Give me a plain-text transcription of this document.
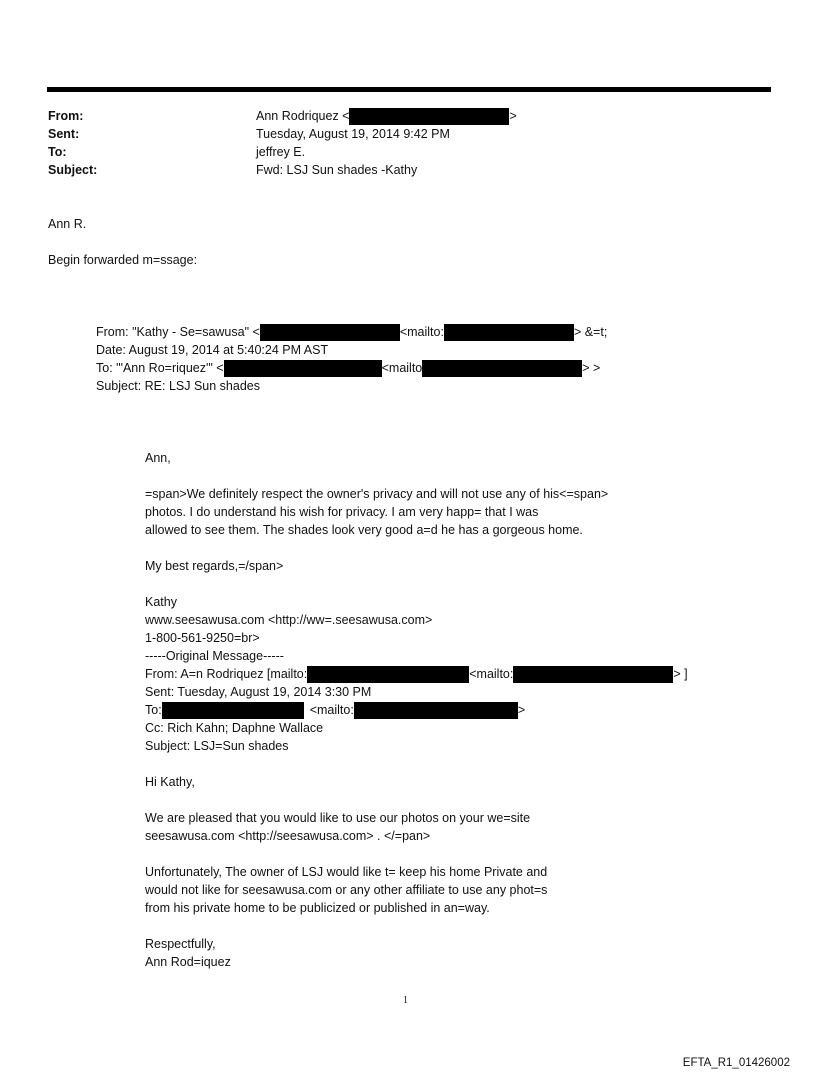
From:	Ann Rodriquez <	>
Sent:	Tuesday, August 19, 2014 9:42 PM
To:	jeffrey E.
Subject:	Fwd: LSJ Sun shades -Kathy
Ann R.
Begin forwarded m=ssage:
From: "Kathy - Se=sawusa" <	<mailto:	> &=t;
Date: August 19, 2014 at 5:40:24 PM AST
To: "'Ann Ro=riquez'" <	<mailto	> >
Subject: RE: LSJ Sun shades
Ann,
=span>We definitely respect the owner's privacy and will not use any of his<=span>
photos. I do understand his wish for privacy. I am very happ= that I was
allowed to see them. The shades look very good a=d he has a gorgeous home.
My best regards,=/span>
Kathy
www.seesawusa.com <http://ww=.seesawusa.com>
1-800-561-9250=br>
-----Original Message-----
From: A=n Rodriquez [mailto:	<mailto:	> ]
Sent: Tuesday, August 19, 2014 3:30 PM
To:	<mailto:	>
Cc: Rich Kahn; Daphne Wallace
Subject: LSJ=Sun shades
Hi Kathy,
We are pleased that you would like to use our photos on your we=site
seesawusa.com <http://seesawusa.com> . </=pan>
Unfortunately, The owner of LSJ would like t= keep his home Private and
would not like for seesawusa.com or any other affiliate to use any phot=s
from his private home to be publicized or published in an=way.
Respectfully,
Ann Rod=iquez
1
EFTA_R1_01426002
